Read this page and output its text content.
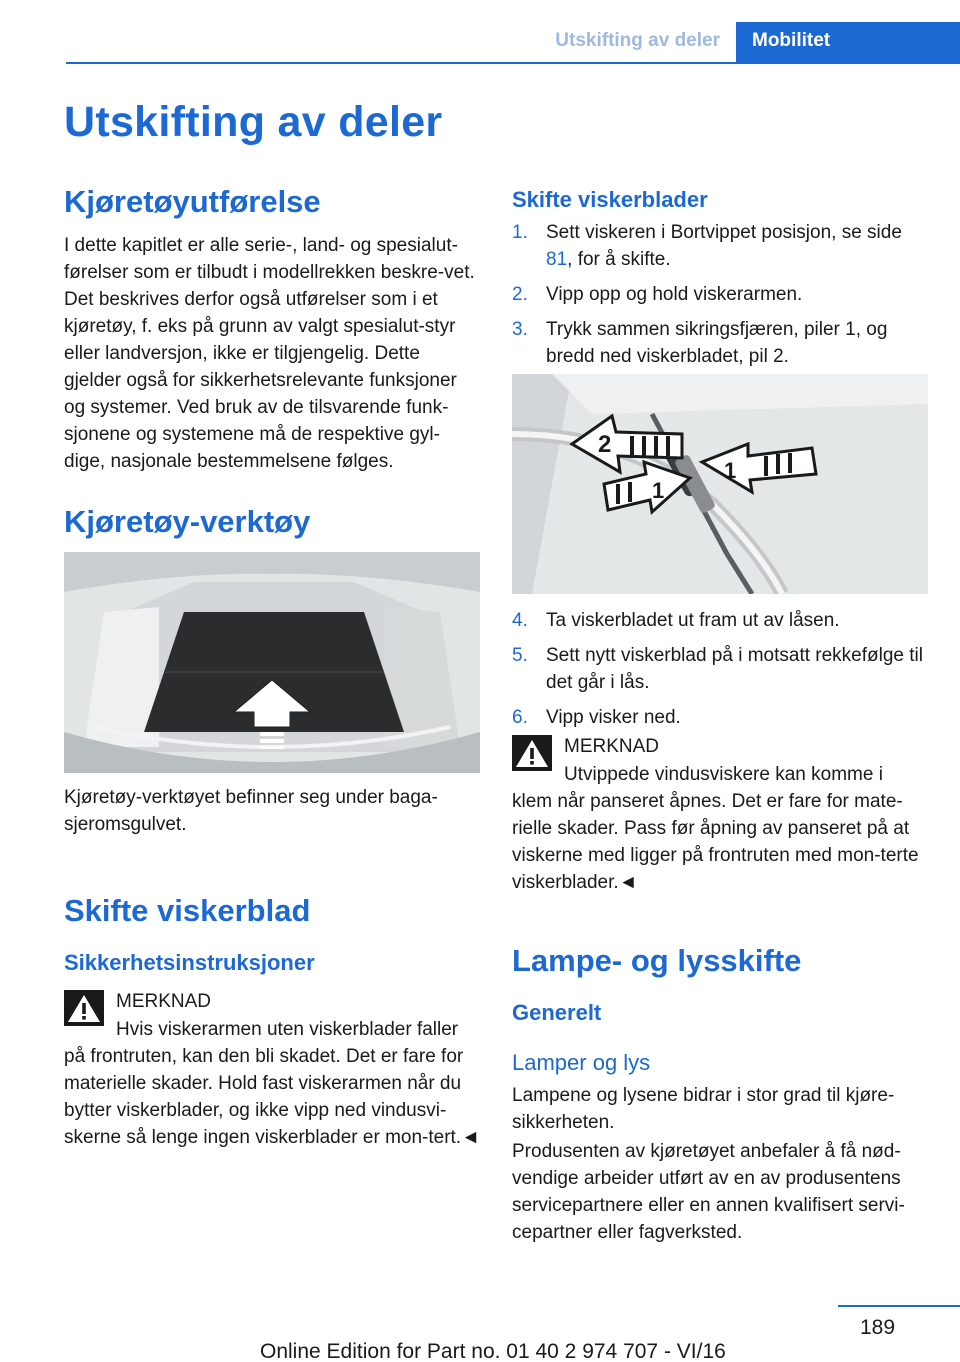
Utskifting av deler	Mobilitet
Utskifting av deler
Kjøretøyutførelse

I dette kapitlet er alle serie-, land- og spesialut-førelser som er tilbudt i modellrekken beskre-vet. Det beskrives derfor også utførelser som i et kjøretøy, f. eks på grunn av valgt spesialut-styr eller landversjon, ikke er tilgjengelig. Dette gjelder også for sikkerhetsrelevante funksjoner og systemer. Ved bruk av de tilsvarende funk-sjonene og systemene må de respektive gyl-dige, nasjonale bestemmelsene følges.

Kjøretøy-verktøy

Kjøretøy-verktøyet befinner seg under baga-sjeromsgulvet.

Skifte viskerblad
Sikkerhetsinstruksjoner
MERKNAD

Hvis viskerarmen uten viskerblader faller på frontruten, kan den bli skadet. Det er fare for materielle skader. Hold fast viskerarmen når du bytter viskerblader, og ikke vipp ned vindusvi-skerne så lenge ingen viskerblader er mon-tert.◄

Skifte viskerblader
1. Sett viskeren i Bortvippet posisjon, se side 81, for å skifte.
2. Vipp opp og hold viskerarmen.
3. Trykk sammen sikringsfjæren, piler 1, og bredd ned viskerbladet, pil 2.
2
1
1
4. Ta viskerbladet ut fram ut av låsen.
5. Sett nytt viskerblad på i motsatt rekkefølge til det går i lås.
6. Vipp visker ned.
MERKNAD

Utvippede vindusviskere kan komme i klem når panseret åpnes. Det er fare for mate-rielle skader. Pass før åpning av panseret på at viskerne med ligger på frontruten med mon-terte viskerblader.◄

Lampe- og lysskifte
Generelt
Lamper og lys

Lampene og lysene bidrar i stor grad til kjøre-sikkerheten.

Produsenten av kjøretøyet anbefaler å få nød-vendige arbeider utført av en av produsentens servicepartnere eller en annen kvalifisert servi-cepartner eller fagverksted.

189
Online Edition for Part no. 01 40 2 974 707 - VI/16
